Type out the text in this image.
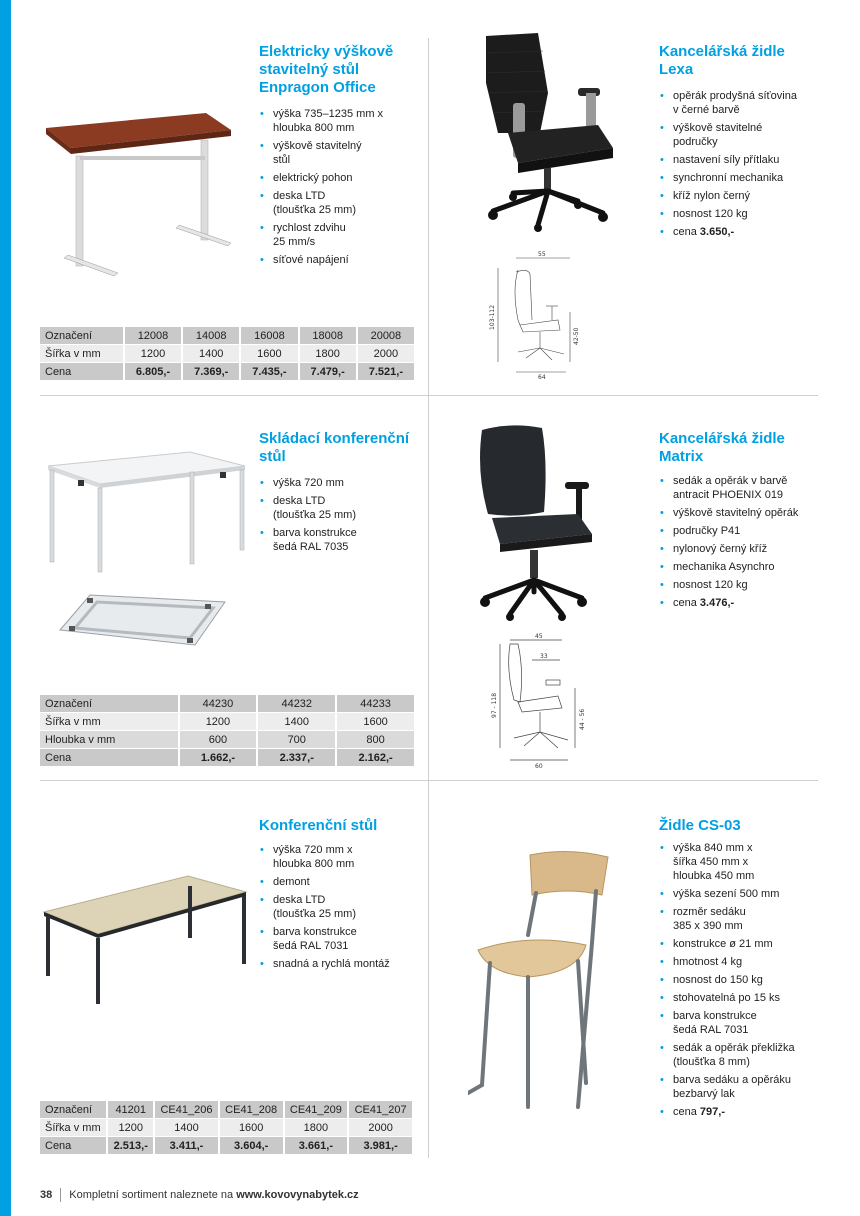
Elektricky výškově
stavitelný stůl
Enpragon Office
• výška 735–1235 mm x
hloubka 800 mm
• výškově stavitelný
stůl
• elektrický pohon
• deska LTD
(tloušťka 25 mm)
• rychlost zdvihu
25 mm/s
• síťové napájení
Označení	12008	14008	16008	18008	20008
Šířka v mm	1200	1400	1600	1800	2000
Cena	6.805,-	7.369,-	7.435,-	7.479,-	7.521,-
55
103-112
42-50
64
Kancelářská židle
Lexa
• opěrák prodyšná síťovina
v černé barvě
• výškově stavitelné
područky
• nastavení síly přítlaku
• synchronní mechanika
• kříž nylon černý
• nosnost 120 kg
• cena 3.650,-
Skládací konferenční
stůl
• výška 720 mm
• deska LTD
(tloušťka 25 mm)
• barva konstrukce
šedá RAL 7035
Označení	44230	44232	44233
Šířka v mm	1200	1400	1600
Hloubka v mm	600	700	800
Cena	1.662,-	2.337,-	2.162,-
45
33
97 - 118
44 - 56
60
Kancelářská židle
Matrix
• sedák a opěrák v barvě
antracit PHOENIX 019
• výškově stavitelný opěrák
• područky P41
• nylonový černý kříž
• mechanika Asynchro
• nosnost 120 kg
• cena 3.476,-
Konferenční stůl
• výška 720 mm x
hloubka 800 mm
• demont
• deska LTD
(tloušťka 25 mm)
• barva konstrukce
šedá RAL 7031
• snadná a rychlá montáž
Označení	41201	CE41_206	CE41_208	CE41_209	CE41_207
Šířka v mm	1200	1400	1600	1800	2000
Cena	2.513,-	3.411,-	3.604,-	3.661,-	3.981,-
Židle CS-03
• výška 840 mm x
šířka 450 mm x
hloubka 450 mm
• výška sezení 500 mm
• rozměr sedáku
385 x 390 mm
• konstrukce ø 21 mm
• hmotnost 4 kg
• nosnost do 150 kg
• stohovatelná po 15 ks
• barva konstrukce
šedá RAL 7031
• sedák a opěrák překližka
(tloušťka 8 mm)
• barva sedáku a opěráku
bezbarvý lak
• cena 797,-
38 Kompletní sortiment naleznete na www.kovovynabytek.cz
